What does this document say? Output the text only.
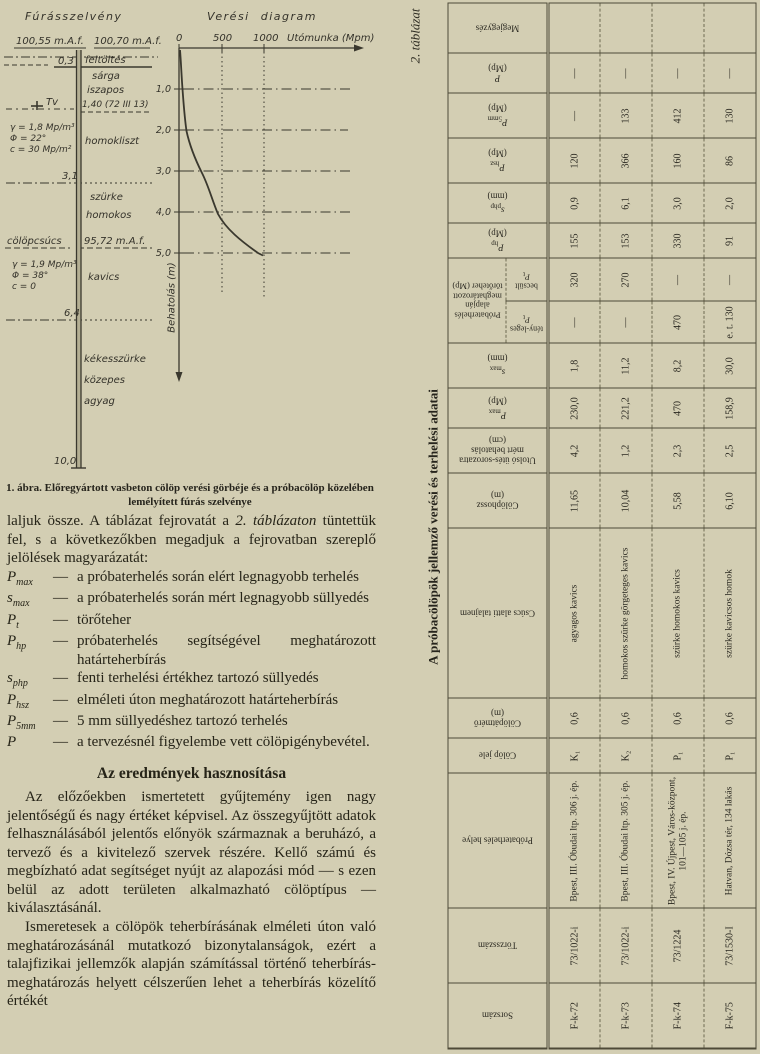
Fúrásszelvény	Verési diagram
100,55 m.A.f. 100,70 m.A.f.
0,3 feltöltés
sárga
iszapos
Tv	1,40 (72 III 13)
γ = 1,8 Mp/m³
Φ = 22°
c = 30 Mp/m²
homokliszt
3,1
szürke
homokos
cölöpcsúcs 95,72 m.A.f.
γ = 1,9 Mp/m³
Φ = 38°
c = 0
kavics
6,4
kékesszürke
közepes
agyag
10,0
0	500 1000 Utómunka (Mpm)
1,0
2,0
3,0
4,0
5,0
Behatolás (m)
1. ábra. Előregyártott vasbeton cölöp verési görbéje és a próbacölöp közelében lemélyített fúrás szelvénye

laljuk össze. A táblázat fejrovatát a 2. táblázaton tüntettük fel, s a következőkben megadjuk a fejrovatban szereplő jelölések magyarázatát:

$P_{max}$	— a próbaterhelés során elért legnagyobb terhelés
$s_{max}$	— a próbaterhelés során mért legnagyobb süllyedés
$P_t$	— törőteher
$P_{hp}$	— próbaterhelés segítségével meghatározott határteherbírás
$s_{php}$	— fenti terhelési értékhez tartozó süllyedés
$P_{hsz}$	— elméleti úton meghatározott határteherbírás
$P_{5mm}$	— 5 mm süllyedéshez tartozó terhelés
P	— a tervezésnél figyelembe vett cölöpigénybevétel.

Az eredmények hasznosítása

Az előzőekben ismertetett gyűjtemény igen nagy jelentőségű és nagy értéket képvisel. Az összegyűjtött adatok felhasználásából jelentős előnyök származnak a beruházó, a tervező és a kivitelező szervek részére. Kellő számú és megbízható adat segítséget nyújt az alapozási mód — s ezen belül az adott területen alkalmazható cölöptípus — kiválasztásánál.

Ismeretesek a cölöpök teherbírásának elméleti úton való meghatározásánál mutatkozó bizonytalanságok, ezért a talajfizikai jellemzők alapján számítással történő teherbírás-meghatározás helyett célszerűen lehet a teherbírás közelítő értékét

2. táblázat
A próbacölöpök jellemző verési és terhelési adatai
Sorszám	Törzsszám	Próbaterhelés helye	Cölöp jele	Cölöpátmérő
(m)	Csúcs alatti talajnem	Cölöphossz
(m)	Utolsó ütés-sorozatra mért behatolás
(cm)	$P_{max}$
(Mp)	$s_{max}$
(mm)	Próbaterhelés alapján meghatározott törőteher (Mp)		$P_{hp}$
(Mp)	$s_{php}$
(mm)	$P_{hsz}$
(Mp)	$P_{5mm}$
(Mp)	P
(Mp)	Megjegyzés

										tény-leges
$P_t$	becsült
$P_t$

F-k-72	73/1022-i	Bpest, III. Óbudai ltp. 306 j. ép.	K₁	0,6	agyagos kavics	11,65	4,2	230,0	1,8	—	320	155	0,9	120	—	—	
F-k-73	73/1022-i	Bpest, III. Óbudai ltp. 305 j. ép.	K₂	0,6	homokos szürke görgeteges kavics	10,04	1,2	221,2	11,2	—	270	153	6,1	366	133	—	
F-k-74	73/1224	Bpest, IV. Újpest, Város-központ, 101—105 j. ép.	P₁	0,6	szürke homokos kavics	5,58	2,3	470	8,2	470	—	330	3,0	160	412	—	
F-k-75	73/1530-I	Hatvan, Dózsa tér, 134 lakás	P₁	0,6	szürke kavicsos homok	6,10	2,5	158,9	30,0	e. t. 130	—	91	2,0	86	130	—	
